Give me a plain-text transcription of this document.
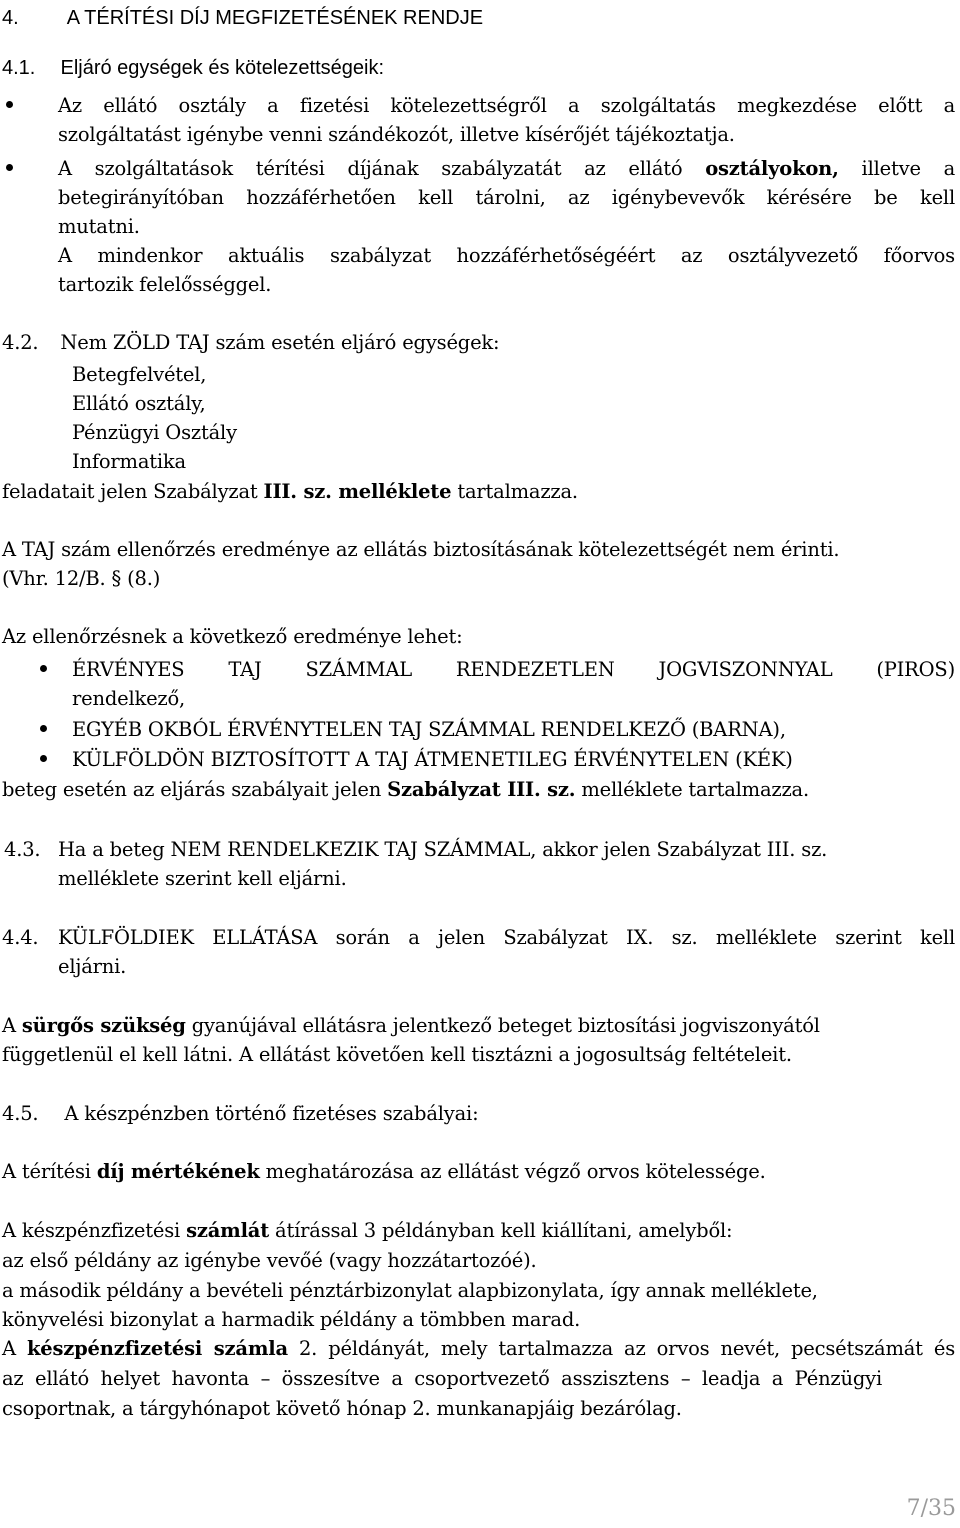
4. A TÉRÍTÉSI DÍJ MEGFIZETÉSÉNEK RENDJE
4.1. Eljáró egységek és kötelezettségeik:
Az ellátó osztály a fizetési kötelezettségről a szolgáltatás megkezdése előtt a
szolgáltatást igénybe venni szándékozót, illetve kísérőjét tájékoztatja.
A szolgáltatások térítési díjának szabályzatát az ellátó osztályokon, illetve a
betegirányítóban hozzáférhetően kell tárolni, az igénybevevők kérésére be kell
mutatni.
A mindenkor aktuális szabályzat hozzáférhetőségéért az osztályvezető főorvos
tartozik felelősséggel.
4.2. Nem ZÖLD TAJ szám esetén eljáró egységek:
Betegfelvétel,
Ellátó osztály,
Pénzügyi Osztály
Informatika
feladatait jelen Szabályzat III. sz. melléklete tartalmazza.
A TAJ szám ellenőrzés eredménye az ellátás biztosításának kötelezettségét nem érinti.
(Vhr. 12/B. § (8.)
Az ellenőrzésnek a következő eredménye lehet:
ÉRVÉNYES TAJ SZÁMMAL RENDEZETLEN JOGVISZONNYAL (PIROS)
rendelkező,
EGYÉB OKBÓL ÉRVÉNYTELEN TAJ SZÁMMAL RENDELKEZŐ (BARNA),
KÜLFÖLDÖN BIZTOSÍTOTT A TAJ ÁTMENETILEG ÉRVÉNYTELEN (KÉK)
beteg esetén az eljárás szabályait jelen Szabályzat III. sz. melléklete tartalmazza.
4.3. Ha a beteg NEM RENDELKEZIK TAJ SZÁMMAL, akkor jelen Szabályzat III. sz.
melléklete szerint kell eljárni.
4.4. KÜLFÖLDIEK ELLÁTÁSA során a jelen Szabályzat IX. sz. melléklete szerint kell
eljárni.
A sürgős szükség gyanújával ellátásra jelentkező beteget biztosítási jogviszonyától
függetlenül el kell látni. A ellátást követően kell tisztázni a jogosultság feltételeit.
4.5. A készpénzben történő fizetéses szabályai:
A térítési díj mértékének meghatározása az ellátást végző orvos kötelessége.
A készpénzfizetési számlát átírással 3 példányban kell kiállítani, amelyből:
az első példány az igénybe vevőé (vagy hozzátartozóé).
a második példány a bevételi pénztárbizonylat alapbizonylata, így annak melléklete,
könyvelési bizonylat a harmadik példány a tömbben marad.
A készpénzfizetési számla 2. példányát, mely tartalmazza az orvos nevét, pecsétszámát és
az ellátó helyet havonta – összesítve a csoportvezető asszisztens – leadja a Pénzügyi
csoportnak, a tárgyhónapot követő hónap 2. munkanapjáig bezárólag.
7/35
